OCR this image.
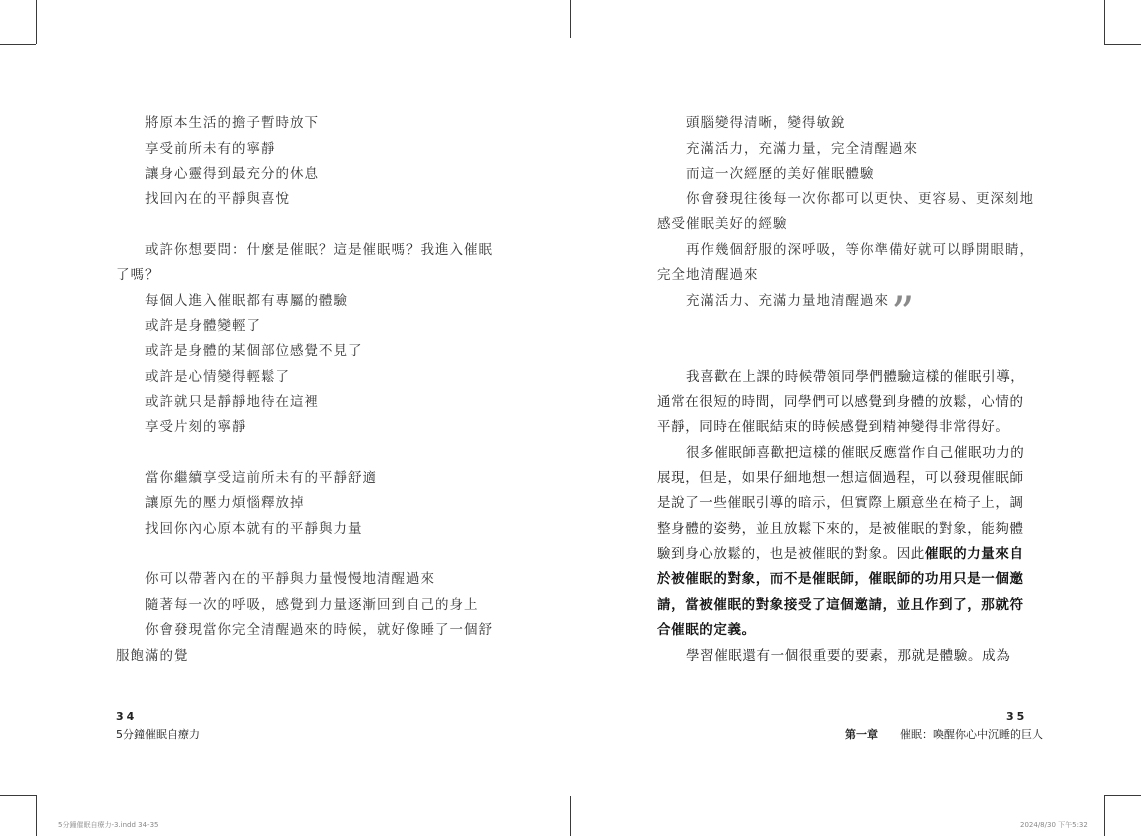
將原本生活的擔子暫時放下
享受前所未有的寧靜
讓身心靈得到最充分的休息
找回內在的平靜與喜悅
或許你想要問：什麼是催眠？這是催眠嗎？我進入催眠
了嗎？
每個人進入催眠都有專屬的體驗
或許是身體變輕了
或許是身體的某個部位感覺不見了
或許是心情變得輕鬆了
或許就只是靜靜地待在這裡
享受片刻的寧靜
當你繼續享受這前所未有的平靜舒適
讓原先的壓力煩惱釋放掉
找回你內心原本就有的平靜與力量
你可以帶著內在的平靜與力量慢慢地清醒過來
隨著每一次的呼吸，感覺到力量逐漸回到自己的身上
你會發現當你完全清醒過來的時候，就好像睡了一個舒
服飽滿的覺
34
5分鐘催眠自療力
頭腦變得清晰，變得敏銳
充滿活力，充滿力量，完全清醒過來
而這一次經歷的美好催眠體驗
你會發現往後每一次你都可以更快、更容易、更深刻地
感受催眠美好的經驗
再作幾個舒服的深呼吸，等你準備好就可以睜開眼睛，
完全地清醒過來
充滿活力、充滿力量地清醒過來 ”
我喜歡在上課的時候帶領同學們體驗這樣的催眠引導，
通常在很短的時間，同學們可以感覺到身體的放鬆，心情的
平靜，同時在催眠結束的時候感覺到精神變得非常得好。
很多催眠師喜歡把這樣的催眠反應當作自己催眠功力的
展現，但是，如果仔細地想一想這個過程，可以發現催眠師
是說了一些催眠引導的暗示，但實際上願意坐在椅子上，調
整身體的姿勢，並且放鬆下來的，是被催眠的對象，能夠體
驗到身心放鬆的，也是被催眠的對象。因此催眠的力量來自
於被催眠的對象，而不是催眠師，催眠師的功用只是一個邀
請，當被催眠的對象接受了這個邀請，並且作到了，那就符
合催眠的定義。
學習催眠還有一個很重要的要素，那就是體驗。成為
35
第一章 催眠：喚醒你心中沉睡的巨人
5分鐘催眠自療力-3.indd 34-35	2024/8/30 下午5:32
